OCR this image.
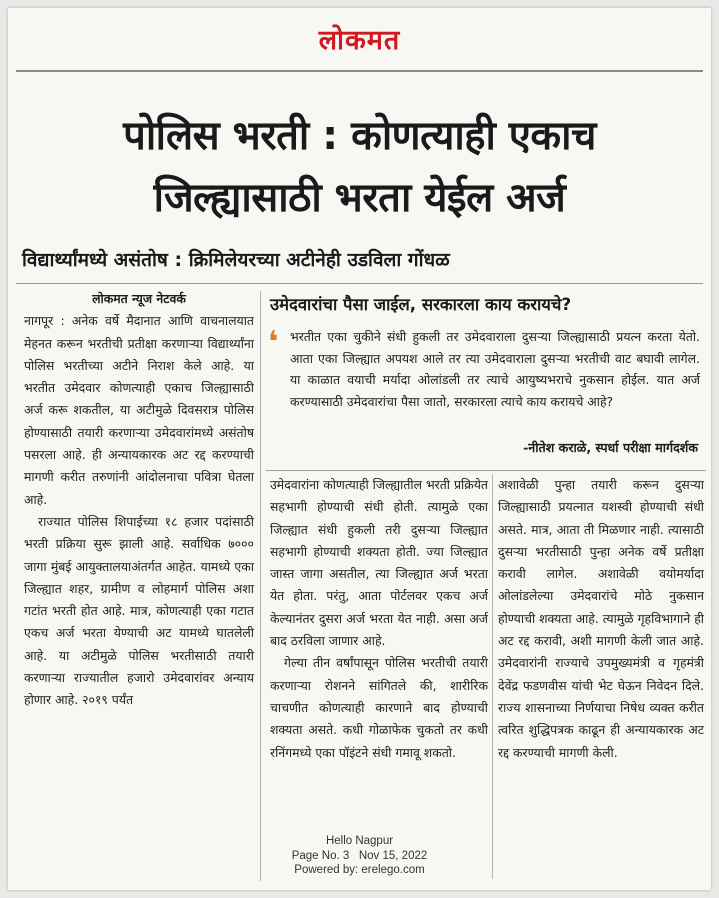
लोकमत
पोलिस भरती : कोणत्याही एकाच
जिल्ह्यासाठी भरता येईल अर्ज
विद्यार्थ्यांमध्ये असंतोष : क्रिमिलेयरच्या अटीनेही उडविला गोंधळ
लोकमत न्यूज नेटवर्क

नागपूर : अनेक वर्षे मैदानात आणि वाचनालयात मेहनत करून भरतीची प्रतीक्षा करणाऱ्या विद्यार्थ्यांना पोलिस भरतीच्या अटीने निराश केले आहे. या भरतीत उमेदवार कोणत्याही एकाच जिल्ह्यासाठी अर्ज करू शकतील, या अटीमुळे दिवसरात्र पोलिस होण्यासाठी तयारी करणाऱ्या उमेदवारांमध्ये असंतोष पसरला आहे. ही अन्यायकारक अट रद्द करण्याची मागणी करीत तरुणांनी आंदोलनाचा पवित्रा घेतला आहे.

राज्यात पोलिस शिपाईच्या १८ हजार पदांसाठी भरती प्रक्रिया सुरू झाली आहे. सर्वाधिक ७००० जागा मुंबई आयुक्तालयाअंतर्गत आहेत. यामध्ये एका जिल्ह्यात शहर, ग्रामीण व लोहमार्ग पोलिस अशा गटांत भरती होत आहे. मात्र, कोणत्याही एका गटात एकच अर्ज भरता येण्याची अट यामध्ये घातलेली आहे. या अटीमुळे पोलिस भरतीसाठी तयारी करणाऱ्या राज्यातील हजारो उमेदवारांवर अन्याय होणार आहे. २०१९ पर्यंत

उमेदवारांचा पैसा जाईल, सरकारला काय करायचे?
❛ भरतीत एका चुकीने संधी हुकली तर उमेदवाराला दुसऱ्या जिल्ह्यासाठी प्रयत्न करता येतो. आता एका जिल्ह्यात अपयश आले तर त्या उमेदवाराला दुसऱ्या भरतीची वाट बघावी लागेल. या काळात वयाची मर्यादा ओलांडली तर त्याचे आयुष्यभराचे नुकसान होईल. यात अर्ज करण्यासाठी उमेदवारांचा पैसा जातो, सरकारला त्याचे काय करायचे आहे?
-नीतेश कराळे, स्पर्धा परीक्षा मार्गदर्शक

उमेदवारांना कोणत्याही जिल्ह्यातील भरती प्रक्रियेत सहभागी होण्याची संधी होती. त्यामुळे एका जिल्ह्यात संधी हुकली तरी दुसऱ्या जिल्ह्यात सहभागी होण्याची शक्यता होती. ज्या जिल्ह्यात जास्त जागा असतील, त्या जिल्ह्यात अर्ज भरता येत होता. परंतु, आता पोर्टलवर एकच अर्ज केल्यानंतर दुसरा अर्ज भरता येत नाही. असा अर्ज बाद ठरविला जाणार आहे.

गेल्या तीन वर्षांपासून पोलिस भरतीची तयारी करणाऱ्या रोशनने सांगितले की, शारीरिक चाचणीत कोणत्याही कारणाने बाद होण्याची शक्यता असते. कधी गोळाफेक चुकतो तर कधी रनिंगमध्ये एका पॉइंटने संधी गमावू शकतो.

अशावेळी पुन्हा तयारी करून दुसऱ्या जिल्ह्यासाठी प्रयत्नात यशस्वी होण्याची संधी असते. मात्र, आता ती मिळणार नाही. त्यासाठी दुसऱ्या भरतीसाठी पुन्हा अनेक वर्षे प्रतीक्षा करावी लागेल. अशावेळी वयोमर्यादा ओलांडलेल्या उमेदवारांचे मोठे नुकसान होण्याची शक्यता आहे. त्यामुळे गृहविभागाने ही अट रद्द करावी, अशी मागणी केली जात आहे. उमेदवारांनी राज्याचे उपमुख्यमंत्री व गृहमंत्री देवेंद्र फडणवीस यांची भेट घेऊन निवेदन दिले. राज्य शासनाच्या निर्णयाचा निषेध व्यक्त करीत त्वरित शुद्धिपत्रक काढून ही अन्यायकारक अट रद्द करण्याची मागणी केली.

Hello Nagpur
Page No. 3   Nov 15, 2022
Powered by: erelego.com
